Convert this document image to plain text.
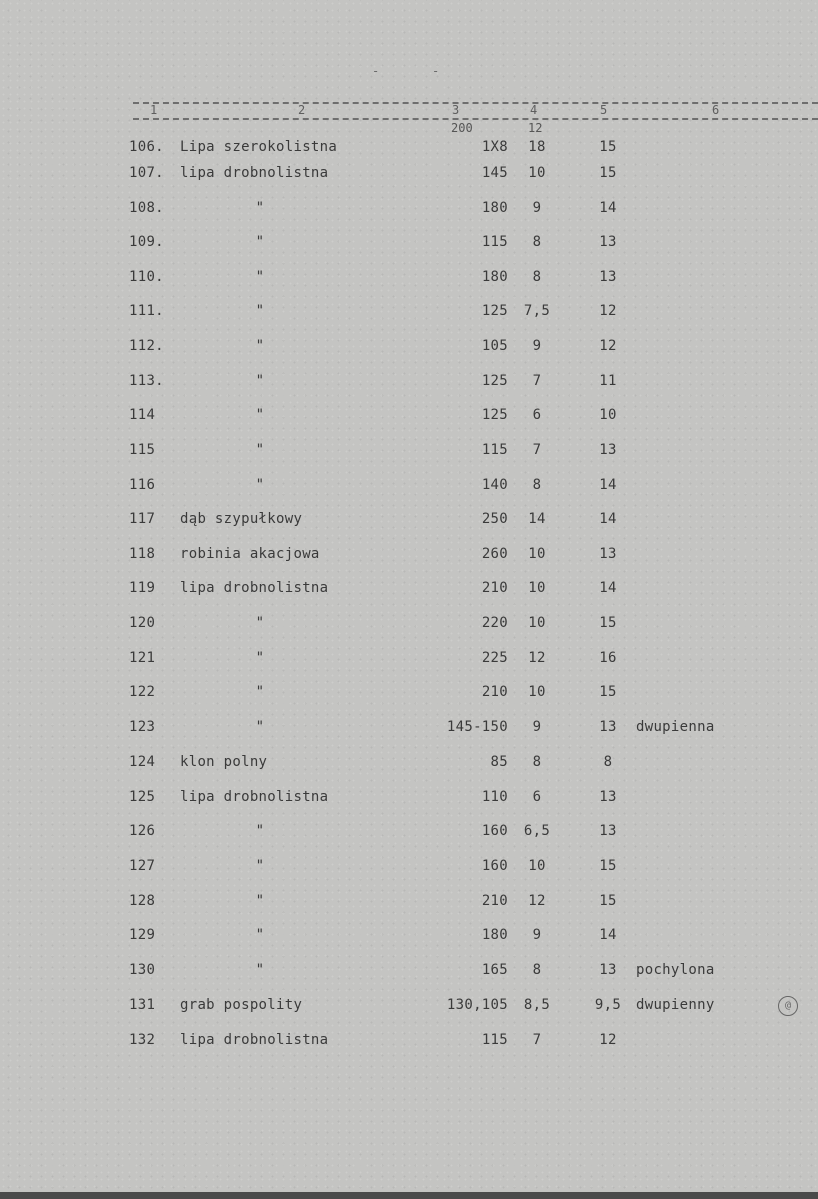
-	-
1	2	3	4	5	6
200	12
106. Lipa szerokolistna	1X8	18	15
107. lipa drobnolistna	145	10	15
108.	"	180	9	14
109.	"	115	8	13
110.	"	180	8	13
111.	"	125	7,5	12
112.	"	105	9	12
113.	"	125	7	11
114	"	125	6	10
115	"	115	7	13
116	"	140	8	14
117 dąb szypułkowy	250	14	14
118 robinia akacjowa	260	10	13
119 lipa drobnolistna	210	10	14
120	"	220	10	15
121	"	225	12	16
122	"	210	10	15
123	"	145-150	9	13	dwupienna
124 klon polny	85	8	8
125 lipa drobnolistna	110	6	13
126	"	160	6,5	13
127	"	160	10	15
128	"	210	12	15
129	"	180	9	14
130	"	165	8	13	pochylona
131 grab pospolity	130,105	8,5	9,5	dwupienny
132 lipa drobnolistna	115	7	12
@
